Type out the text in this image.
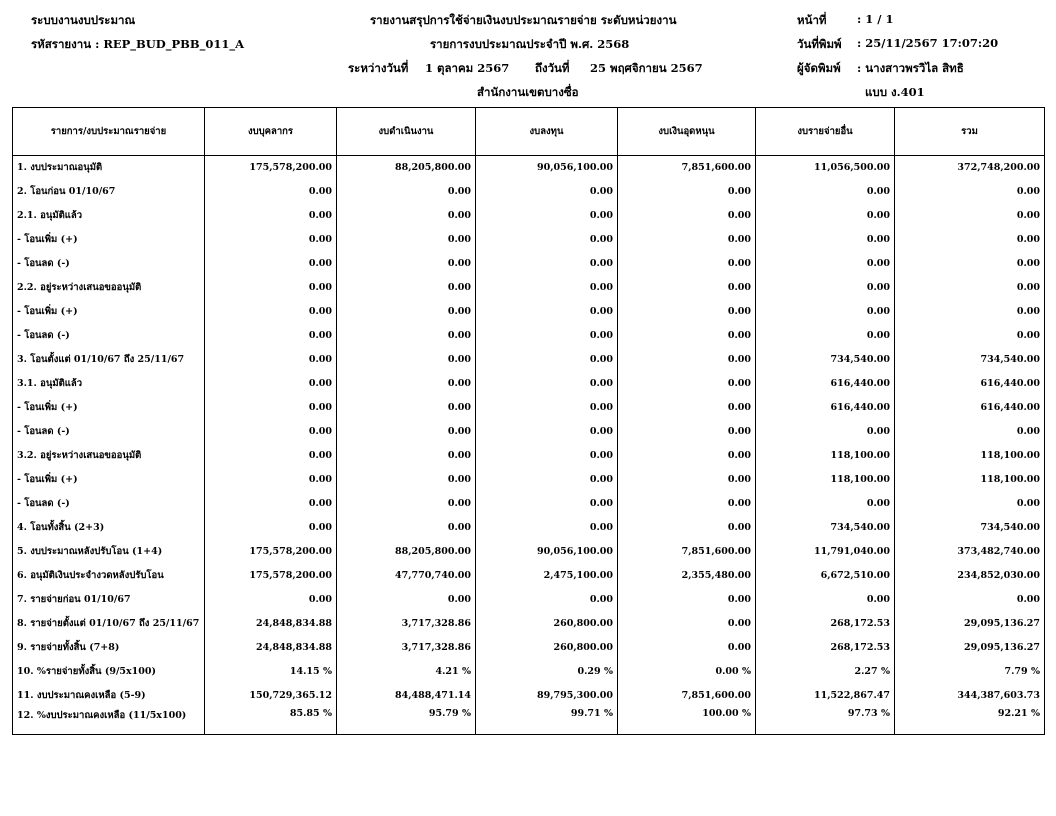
ระบบงานงบประมาณ
รหัสรายงาน : REP_BUD_PBB_011_A
รายงานสรุปการใช้จ่ายเงินงบประมาณรายจ่าย ระดับหน่วยงาน
รายการงบประมาณประจำปี พ.ศ. 2568
ระหว่างวันที่ 1 ตุลาคม 2567 ถึงวันที่ 25 พฤศจิกายน 2567
สำนักงานเขตบางซื่อ
หน้าที่	: 1 / 1
วันที่พิมพ์ : 25/11/2567 17:07:20
ผู้จัดพิมพ์ : นางสาวพรวิไล สิทธิ
แบบ ง.401
รายการ/งบประมาณรายจ่าย	งบบุคลากร	งบดำเนินงาน	งบลงทุน	งบเงินอุดหนุน	งบรายจ่ายอื่น	รวม
1. งบประมาณอนุมัติ	175,578,200.00	88,205,800.00	90,056,100.00	7,851,600.00	11,056,500.00	372,748,200.00
2. โอนก่อน 01/10/67	0.00	0.00	0.00	0.00	0.00	0.00
2.1. อนุมัติแล้ว	0.00	0.00	0.00	0.00	0.00	0.00
- โอนเพิ่ม (+)	0.00	0.00	0.00	0.00	0.00	0.00
- โอนลด (-)	0.00	0.00	0.00	0.00	0.00	0.00
2.2. อยู่ระหว่างเสนอขออนุมัติ	0.00	0.00	0.00	0.00	0.00	0.00
- โอนเพิ่ม (+)	0.00	0.00	0.00	0.00	0.00	0.00
- โอนลด (-)	0.00	0.00	0.00	0.00	0.00	0.00
3. โอนตั้งแต่ 01/10/67 ถึง 25/11/67	0.00	0.00	0.00	0.00	734,540.00	734,540.00
3.1. อนุมัติแล้ว	0.00	0.00	0.00	0.00	616,440.00	616,440.00
- โอนเพิ่ม (+)	0.00	0.00	0.00	0.00	616,440.00	616,440.00
- โอนลด (-)	0.00	0.00	0.00	0.00	0.00	0.00
3.2. อยู่ระหว่างเสนอขออนุมัติ	0.00	0.00	0.00	0.00	118,100.00	118,100.00
- โอนเพิ่ม (+)	0.00	0.00	0.00	0.00	118,100.00	118,100.00
- โอนลด (-)	0.00	0.00	0.00	0.00	0.00	0.00
4. โอนทั้งสิ้น (2+3)	0.00	0.00	0.00	0.00	734,540.00	734,540.00
5. งบประมาณหลังปรับโอน (1+4)	175,578,200.00	88,205,800.00	90,056,100.00	7,851,600.00	11,791,040.00	373,482,740.00
6. อนุมัติเงินประจำงวดหลังปรับโอน	175,578,200.00	47,770,740.00	2,475,100.00	2,355,480.00	6,672,510.00	234,852,030.00
7. รายจ่ายก่อน 01/10/67	0.00	0.00	0.00	0.00	0.00	0.00
8. รายจ่ายตั้งแต่ 01/10/67 ถึง 25/11/67	24,848,834.88	3,717,328.86	260,800.00	0.00	268,172.53	29,095,136.27
9. รายจ่ายทั้งสิ้น (7+8)	24,848,834.88	3,717,328.86	260,800.00	0.00	268,172.53	29,095,136.27
10. %รายจ่ายทั้งสิ้น (9/5x100)	14.15 %	4.21 %	0.29 %	0.00 %	2.27 %	7.79 %
11. งบประมาณคงเหลือ (5-9)	150,729,365.12	84,488,471.14	89,795,300.00	7,851,600.00	11,522,867.47	344,387,603.73
12. %งบประมาณคงเหลือ (11/5x100)	85.85 %	95.79 %	99.71 %	100.00 %	97.73 %	92.21 %
